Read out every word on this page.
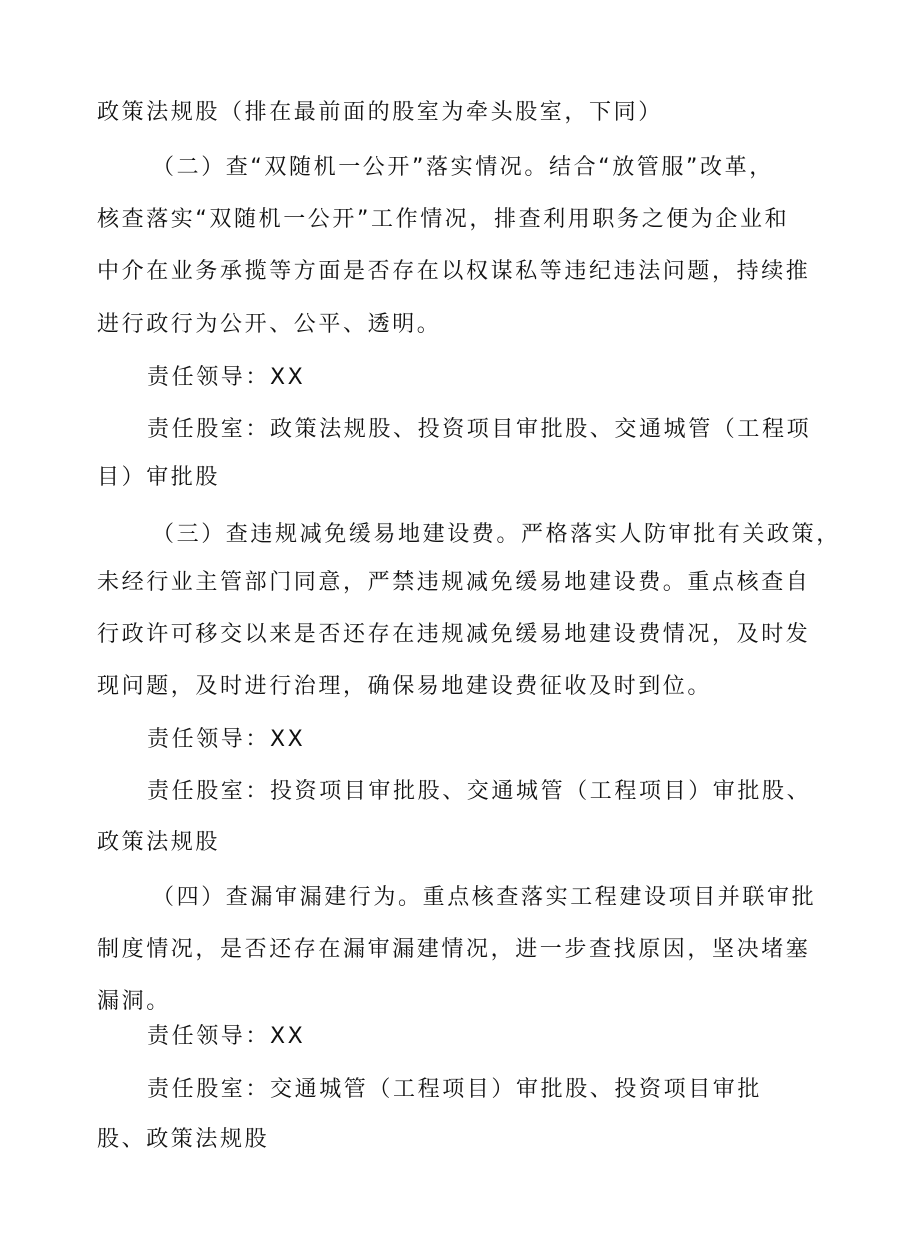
政策法规股（排在最前面的股室为牵头股室，下同）
（二）查“双随机一公开”落实情况。结合“放管服”改革，
核查落实“双随机一公开”工作情况，排查利用职务之便为企业和
中介在业务承揽等方面是否存在以权谋私等违纪违法问题，持续推
进行政行为公开、公平、透明。
责任领导：XX
责任股室：政策法规股、投资项目审批股、交通城管（工程项
目）审批股
（三）查违规减免缓易地建设费。严格落实人防审批有关政策，
未经行业主管部门同意，严禁违规减免缓易地建设费。重点核查自
行政许可移交以来是否还存在违规减免缓易地建设费情况，及时发
现问题，及时进行治理，确保易地建设费征收及时到位。
责任领导：XX
责任股室：投资项目审批股、交通城管（工程项目）审批股、
政策法规股
（四）查漏审漏建行为。重点核查落实工程建设项目并联审批
制度情况，是否还存在漏审漏建情况，进一步查找原因，坚决堵塞
漏洞。
责任领导：XX
责任股室：交通城管（工程项目）审批股、投资项目审批
股、政策法规股
